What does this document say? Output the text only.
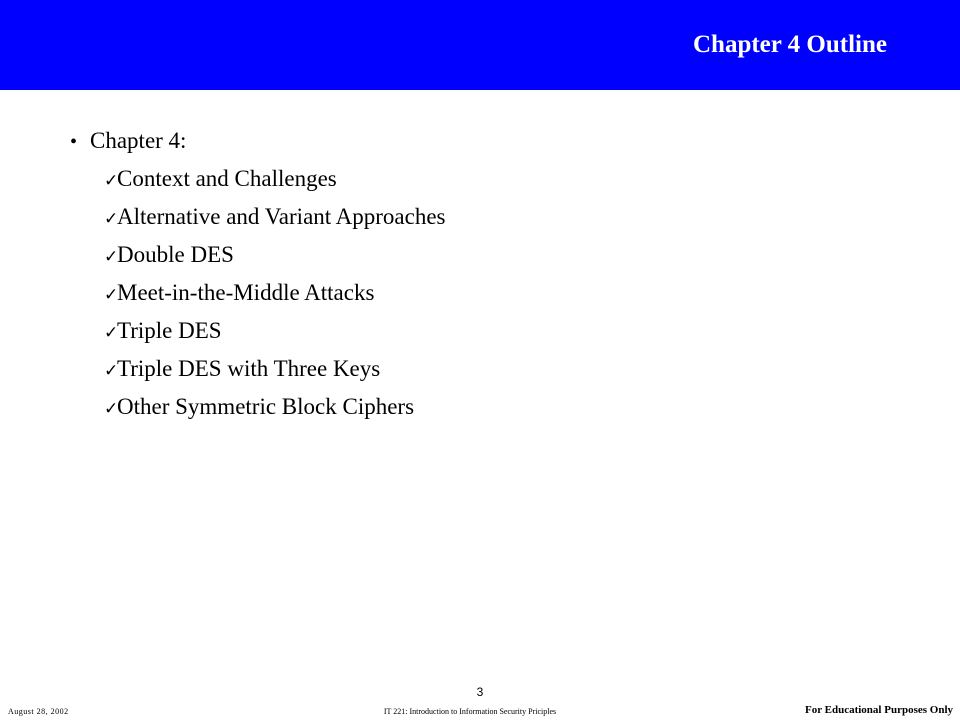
Chapter 4 Outline
• Chapter 4:
✓
Context and Challenges
✓
Alternative and Variant Approaches
✓
Double DES
✓
Meet-in-the-Middle Attacks
✓
Triple DES
✓
Triple DES with Three Keys
✓
Other Symmetric Block Ciphers
3
August 28, 2002	IT 221: Introduction to Information Security Priciples	For Educational Purposes Only
